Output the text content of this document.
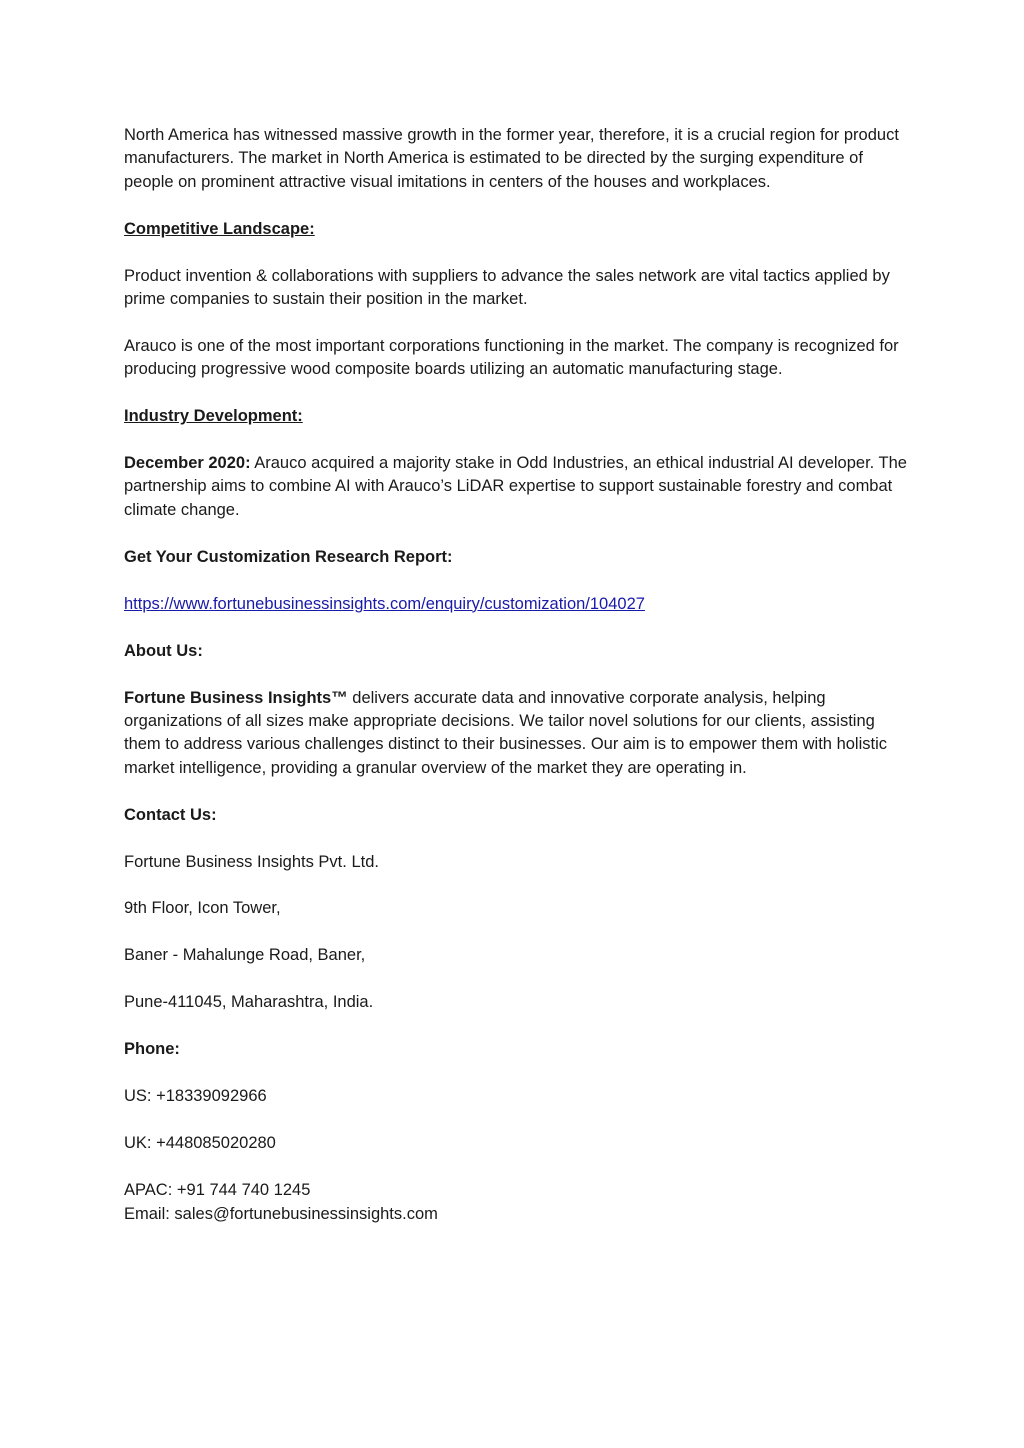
North America has witnessed massive growth in the former year, therefore, it is a crucial region for product manufacturers. The market in North America is estimated to be directed by the surging expenditure of people on prominent attractive visual imitations in centers of the houses and workplaces.

Competitive Landscape:

Product invention & collaborations with suppliers to advance the sales network are vital tactics applied by prime companies to sustain their position in the market.

Arauco is one of the most important corporations functioning in the market. The company is recognized for producing progressive wood composite boards utilizing an automatic manufacturing stage.

Industry Development:

December 2020: Arauco acquired a majority stake in Odd Industries, an ethical industrial AI developer. The partnership aims to combine AI with Arauco’s LiDAR expertise to support sustainable forestry and combat climate change.

Get Your Customization Research Report:

https://www.fortunebusinessinsights.com/enquiry/customization/104027

About Us:

Fortune Business Insights™ delivers accurate data and innovative corporate analysis, helping organizations of all sizes make appropriate decisions. We tailor novel solutions for our clients, assisting them to address various challenges distinct to their businesses. Our aim is to empower them with holistic market intelligence, providing a granular overview of the market they are operating in.

Contact Us:

Fortune Business Insights Pvt. Ltd.

9th Floor, Icon Tower,

Baner - Mahalunge Road, Baner,

Pune-411045, Maharashtra, India.

Phone:

US: +18339092966

UK: +448085020280

APAC: +91 744 740 1245

Email: sales@fortunebusinessinsights.com
